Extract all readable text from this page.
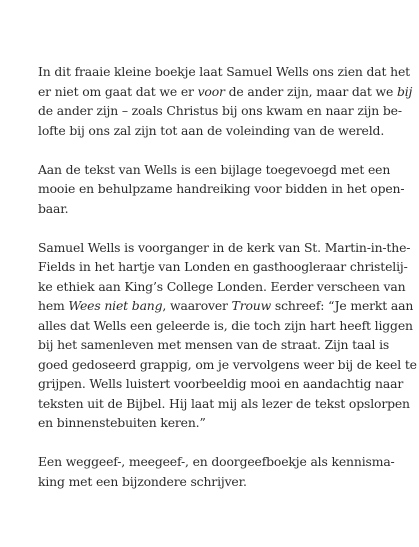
In dit fraaie kleine boekje laat Samuel Wells ons zien dat het
er niet om gaat dat we er voor de ander zijn, maar dat we bij
de ander zijn – zoals Christus bij ons kwam en naar zijn be-
lofte bij ons zal zijn tot aan de voleinding van de wereld.

Aan de tekst van Wells is een bijlage toegevoegd met een
mooie en behulpzame handreiking voor bidden in het open-
baar.

Samuel Wells is voorganger in de kerk van St. Martin-in-the-
Fields in het hartje van Londen en gasthoogleraar christelij-
ke ethiek aan King’s College Londen. Eerder verscheen van
hem Wees niet bang, waarover Trouw schreef: “Je merkt aan
alles dat Wells een geleerde is, die toch zijn hart heeft liggen
bij het samenleven met mensen van de straat. Zijn taal is
goed gedoseerd grappig, om je vervolgens weer bij de keel te
grijpen. Wells luistert voorbeeldig mooi en aandachtig naar
teksten uit de Bijbel. Hij laat mij als lezer de tekst opslorpen
en binnenstebuiten keren.”

Een weggeef-, meegeef-, en doorgeefboekje als kennisma-
king met een bijzondere schrijver.
